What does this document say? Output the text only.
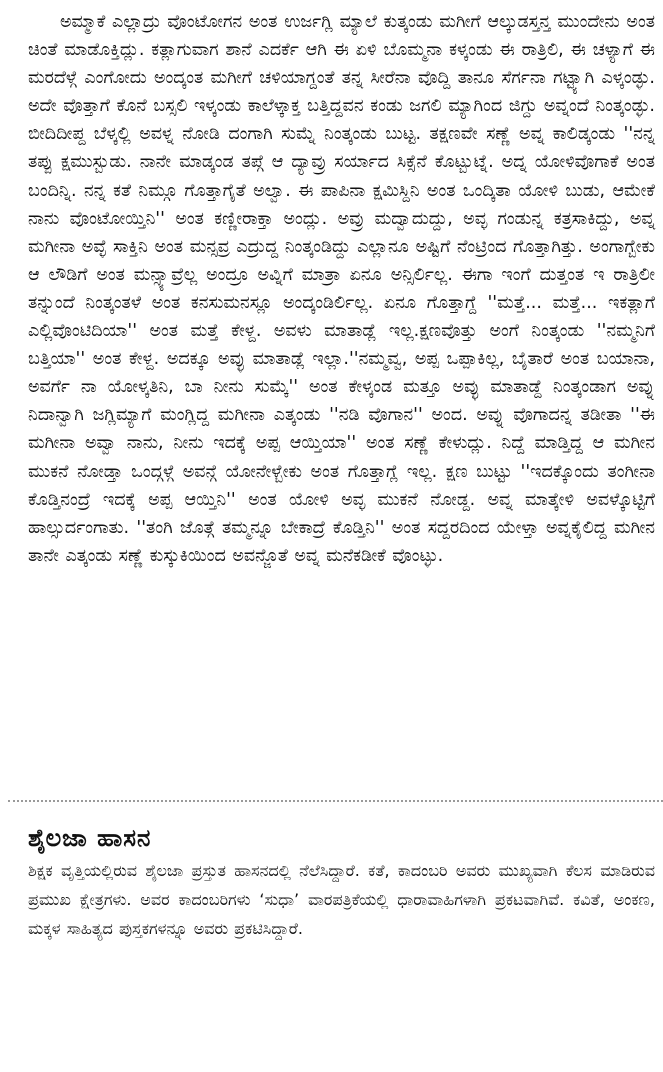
ಅಮ್ಮಾಕೆ ಎಲ್ಲಾದ್ರು ವೊಂಟೋಗನ ಅಂತ ಉರ್ಜಗ್ಲಿ ಮ್ಯಾಲೆ ಕುತ್ಕಂಡು ಮಗೀಗೆ ಆಲ್ಕುಡಸ್ತನ್ತ ಮುಂದೇನು ಅಂತ ಚಿಂತೆ ಮಾಡೊಕ್ತಿದ್ಲು. ಕತ್ಲಾಗುವಾಗ ಶಾನೆ ಎದರ್ಕೆ ಆಗಿ ಈ ಏಳಿ ಬೊಮ್ಮನಾ ಕಳ್ಕಂಡು ಈ ರಾತ್ರಿಲಿ, ಈ ಚಳ್ಯಾಗೆ ಈ ಮರದೆಳ್ಗೆ ಎಂಗೋದು ಅಂದ್ಕಂತ ಮಗೀಗೆ ಚಳಿಯಾಗ್ದಂತೆ ತನ್ನ ಸೀರೆನಾ ವೊದ್ದಿ ತಾನೂ ಸೆರ್ಗನಾ ಗಟ್ಟ್ಯಾಗಿ ಎಳ್ಕಂಡ್ಳು. ಅದೇ ವೊತ್ತಾಗೆ ಕೊನೆ ಬಸ್ಸಲಿ ಇಳ್ಕಂಡು ಕಾಲೆಳ್ಕಾಕ್ತ ಬತ್ತಿದ್ದವನ ಕಂಡು ಜಗಲಿ ಮ್ಯಾಗಿಂದ ಜಿಗ್ದು ಅವ್ನಂದೆ ನಿಂತ್ಕಂಡ್ಳು. ಬೀದಿದೀಪ್ದ ಬೆಳ್ಕಲ್ಲಿ ಅವಳ್ನ ನೋಡಿ ದಂಗಾಗಿ ಸುಮ್ನೆ ನಿಂತ್ಕಂಡು ಬುಟ್ಟ. ತಕ್ಷಣವೇ ಸಣ್ಣೆ ಅವ್ನ ಕಾಲಿಡ್ಕಂಡು ''ನನ್ನ ತಪ್ಪು ಕ್ಷಮುಸ್ಬುಡು. ನಾನೇ ಮಾಡ್ಕಂಡ ತಪ್ಗೆ ಆ ದ್ಯಾವ್ರು ಸರ್ಯಾದ ಸಿಕ್ಸೆನೆ ಕೊಟ್ಬುಟ್ನೆ. ಅದ್ನ ಯೋಳಿವೊಗಾಕೆ ಅಂತ ಬಂದಿನ್ನಿ. ನನ್ನ ಕತೆ ನಿಮ್ಗೂ ಗೊತ್ತಾಗೈತೆ ಅಲ್ವಾ. ಈ ಪಾಪಿನಾ ಕ್ಷಮಿಸ್ದಿನಿ ಅಂತ ಒಂದ್ಕಿತಾ ಯೋಳಿ ಬುಡು, ಆಮೇಕೆ ನಾನು ವೊಂಟೋಯ್ತಿನಿ'' ಅಂತ ಕಣ್ಣೀರಾಕ್ತಾ ಅಂದ್ಲು. ಅವ್ರು ಮದ್ವಾದುದ್ದು, ಅವ್ಳ ಗಂಡುನ್ನ ಕತ್ರಸಾಕಿದ್ದು, ಅವ್ನ ಮಗೀನಾ ಅವ್ಳೆ ಸಾಕ್ತಿನಿ ಅಂತ ಮನ್ಸವ್ರ ಎದ್ರುದ್ದ ನಿಂತ್ಕಂಡಿದ್ದು ಎಲ್ಲಾನೂ ಅಷ್ಟಿಗೆ ನೆಂಟ್ರಿಂದ ಗೊತ್ತಾಗಿತ್ತು. ಅಂಗಾಗ್ಬೇಕು ಆ ಲೌಡಿಗೆ ಅಂತ ಮನ್ಸ್ಯಾವ್ರೆಲ್ಲ ಅಂದ್ರೂ ಅವ್ನಿಗೆ ಮಾತ್ರಾ ಏನೂ ಅನ್ಸಿರ್ಲಿಲ್ಲ. ಈಗಾ ಇಂಗೆ ದುತ್ತಂತ ಇ ರಾತ್ರಿಲೀ ತನ್ನುಂದೆ ನಿಂತ್ಕಂತಳೆ ಅಂತ ಕನಸುಮನಸ್ಲೂ ಅಂದ್ಕಂಡಿರ್ಲಿಲ್ಲ. ಏನೂ ಗೊತ್ತಾಗ್ದೆ ''ಮತ್ತೆ... ಮತ್ತೆ... ಇಕತ್ಲಾಗೆ ಎಲ್ಲಿವೊಂಟಿದಿಯಾ'' ಅಂತ ಮತ್ತೆ ಕೇಳ್ದ. ಅವಳು ಮಾತಾಡ್ಲೆ ಇಲ್ಲ.ಕ್ಷಣವೊತ್ತು ಅಂಗೆ ನಿಂತ್ಕಂಡು ''ನಮ್ಮನಿಗೆ ಬತ್ತಿಯಾ'' ಅಂತ ಕೇಳ್ದ. ಅದಕ್ಕೂ ಅವ್ಳು ಮಾತಾಡ್ಲೆ ಇಲ್ಲಾ.''ನಮ್ಮವ್ವ, ಅಪ್ಪ ಒಪ್ಪಾಕಿಲ್ಲ, ಬೈತಾರೆ ಅಂತ ಬಯಾನಾ, ಅವರ್ಗೆ ನಾ ಯೋಳ್ಕತಿನಿ, ಬಾ ನೀನು ಸುಮ್ಕೆ'' ಅಂತ ಕೇಳ್ಕಂಡ ಮತ್ತೂ ಅವ್ಳು ಮಾತಾಡ್ದೆ ನಿಂತ್ಕಂಡಾಗ ಅವ್ನು ನಿದಾನ್ವಾಗಿ ಜಗ್ಲಿಮ್ಯಾಗೆ ಮಂಗ್ಲಿದ್ದ ಮಗೀನಾ ಎತ್ಕಂಡು ''ನಡಿ ವೊಗಾನ'' ಅಂದ. ಅವ್ನು ವೊಗಾದನ್ನ ತಡೀತಾ ''ಈ ಮಗೀನಾ ಅವ್ವಾ ನಾನು, ನೀನು ಇದಕ್ಕೆ ಅಪ್ಪ ಆಯ್ತಿಯಾ'' ಅಂತ ಸಣ್ಣೆ ಕೇಳುದ್ಲು. ನಿದ್ದೆ ಮಾಡ್ತಿದ್ದ ಆ ಮಗೀನ ಮುಕನೆ ನೋಡ್ತಾ ಒಂದ್ಗಳ್ಗೆ ಅವನ್ಗೆ ಯೋನೇಳ್ಬೇಕು ಅಂತ ಗೊತ್ತಾಗ್ಲೆ ಇಲ್ಲ. ಕ್ಷಣ ಬುಟ್ಟು ''ಇದಕ್ಕೊಂದು ತಂಗೀನಾ ಕೊಡ್ತಿನಂದ್ರೆ ಇದಕ್ಕೆ ಅಪ್ಪ ಆಯ್ತಿನಿ'' ಅಂತ ಯೋಳಿ ಅವ್ಳ ಮುಕನೆ ನೋಡ್ದ. ಅವ್ನ ಮಾತ್ಕೇಳಿ ಅವಳ್ಕೊಟ್ಟಿಗೆ ಹಾಲ್ಸುರ್ದಂಗಾತು. ''ತಂಗಿ ಜೊತ್ಗೆ ತಮ್ಮನ್ನೂ ಬೇಕಾದ್ರೆ ಕೊಡ್ತಿನಿ'' ಅಂತ ಸದ್ದರದಿಂದ ಯೇಳ್ತಾ ಅವ್ನಕೈಲಿದ್ದ ಮಗೀನ ತಾನೇ ಎತ್ಕಂಡು ಸಣ್ಣೆ ಕುಸ್ಕುಕಿಯಿಂದ ಅವನ್ಜೊತೆ ಅವ್ನ ಮನೆಕಡೀಕೆ ವೊಂಟ್ಳು.

ಶೈಲಜಾ ಹಾಸನ

ಶಿಕ್ಷಕ ವೃತ್ತಿಯಲ್ಲಿರುವ ಶೈಲಜಾ ಪ್ರಸ್ತುತ ಹಾಸನದಲ್ಲಿ ನೆಲೆಸಿದ್ದಾರೆ. ಕತೆ, ಕಾದಂಬರಿ ಅವರು ಮುಖ್ಯವಾಗಿ ಕೆಲಸ ಮಾಡಿರುವ ಪ್ರಮುಖ ಕ್ಷೇತ್ರಗಳು. ಅವರ ಕಾದಂಬರಿಗಳು ‘ಸುಧಾ’ ವಾರಪತ್ರಿಕೆಯಲ್ಲಿ ಧಾರಾವಾಹಿಗಳಾಗಿ ಪ್ರಕಟವಾಗಿವೆ. ಕವಿತೆ, ಅಂಕಣ, ಮಕ್ಕಳ ಸಾಹಿತ್ಯದ ಪುಸ್ತಕಗಳನ್ನೂ ಅವರು ಪ್ರಕಟಿಸಿದ್ದಾರೆ.
